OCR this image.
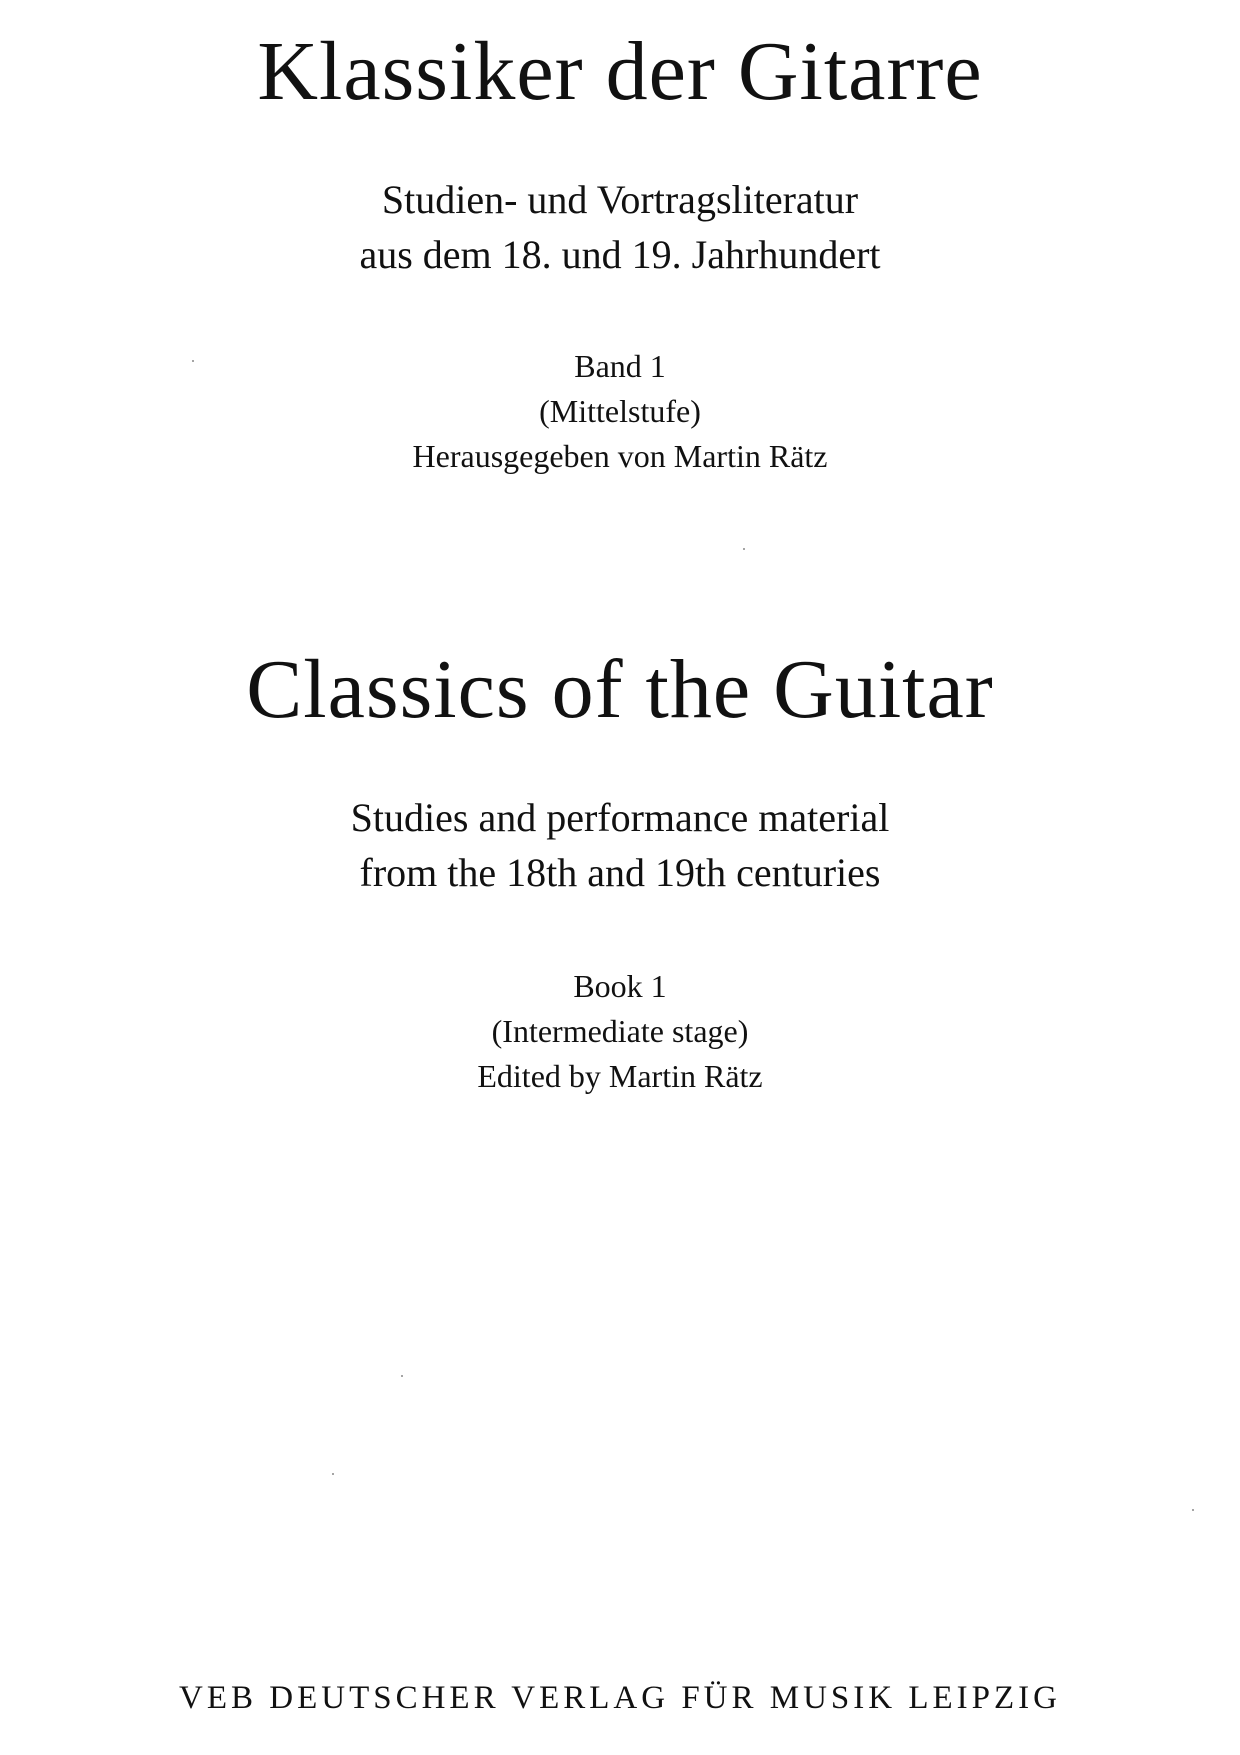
Klassiker der Gitarre
Studien- und Vortragsliteratur
aus dem 18. und 19. Jahrhundert
Band 1
(Mittelstufe)
Herausgegeben von Martin Rätz
Classics of the Guitar
Studies and performance material
from the 18th and 19th centuries
Book 1
(Intermediate stage)
Edited by Martin Rätz
VEB DEUTSCHER VERLAG FÜR MUSIK LEIPZIG
